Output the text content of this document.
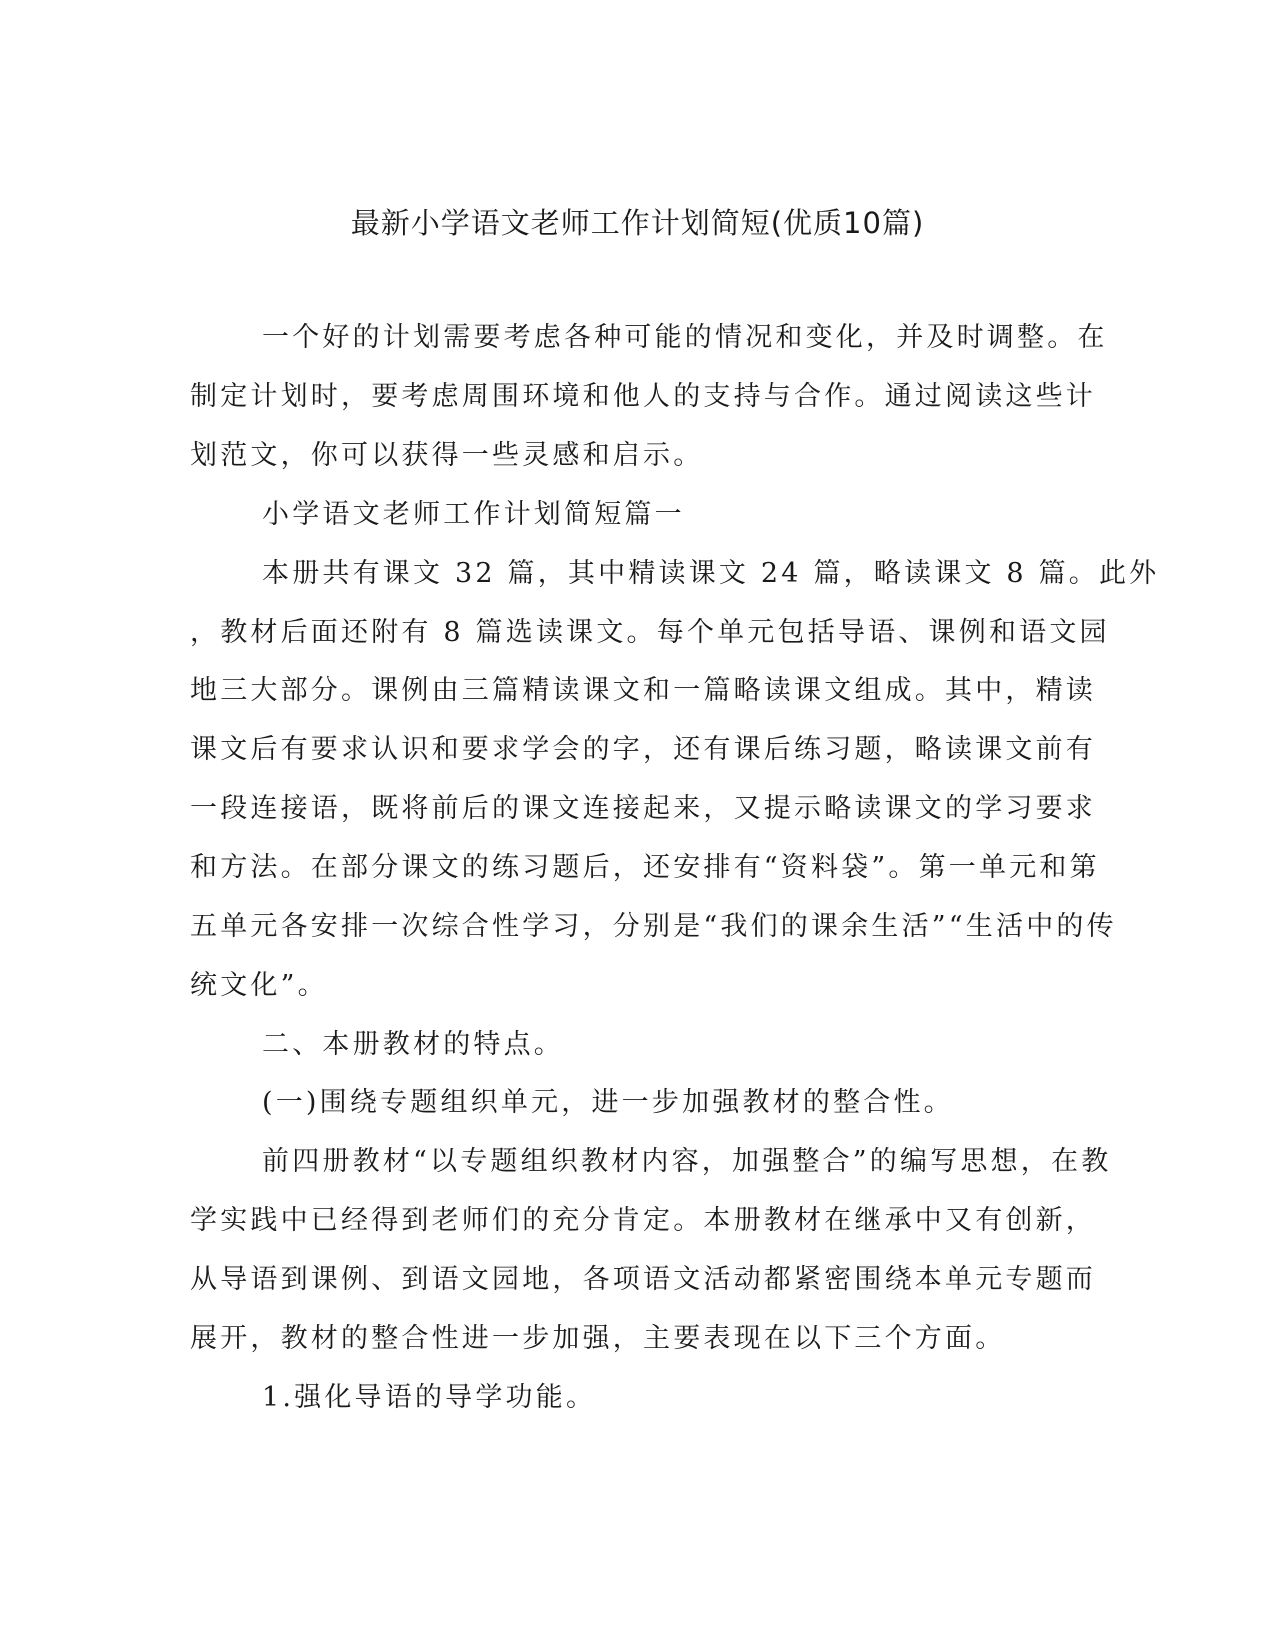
最新小学语文老师工作计划简短(优质10篇)
一个好的计划需要考虑各种可能的情况和变化，并及时调整。在
制定计划时，要考虑周围环境和他人的支持与合作。通过阅读这些计
划范文，你可以获得一些灵感和启示。
小学语文老师工作计划简短篇一
本册共有课文 32 篇，其中精读课文 24 篇，略读课文 8 篇。此外
，教材后面还附有 8 篇选读课文。每个单元包括导语、课例和语文园
地三大部分。课例由三篇精读课文和一篇略读课文组成。其中，精读
课文后有要求认识和要求学会的字，还有课后练习题，略读课文前有
一段连接语，既将前后的课文连接起来，又提示略读课文的学习要求
和方法。在部分课文的练习题后，还安排有“资料袋”。第一单元和第
五单元各安排一次综合性学习，分别是“我们的课余生活”“生活中的传
统文化”。
二、本册教材的特点。
(一)围绕专题组织单元，进一步加强教材的整合性。
前四册教材“以专题组织教材内容，加强整合”的编写思想，在教
学实践中已经得到老师们的充分肯定。本册教材在继承中又有创新，
从导语到课例、到语文园地，各项语文活动都紧密围绕本单元专题而
展开，教材的整合性进一步加强，主要表现在以下三个方面。
1.强化导语的导学功能。
